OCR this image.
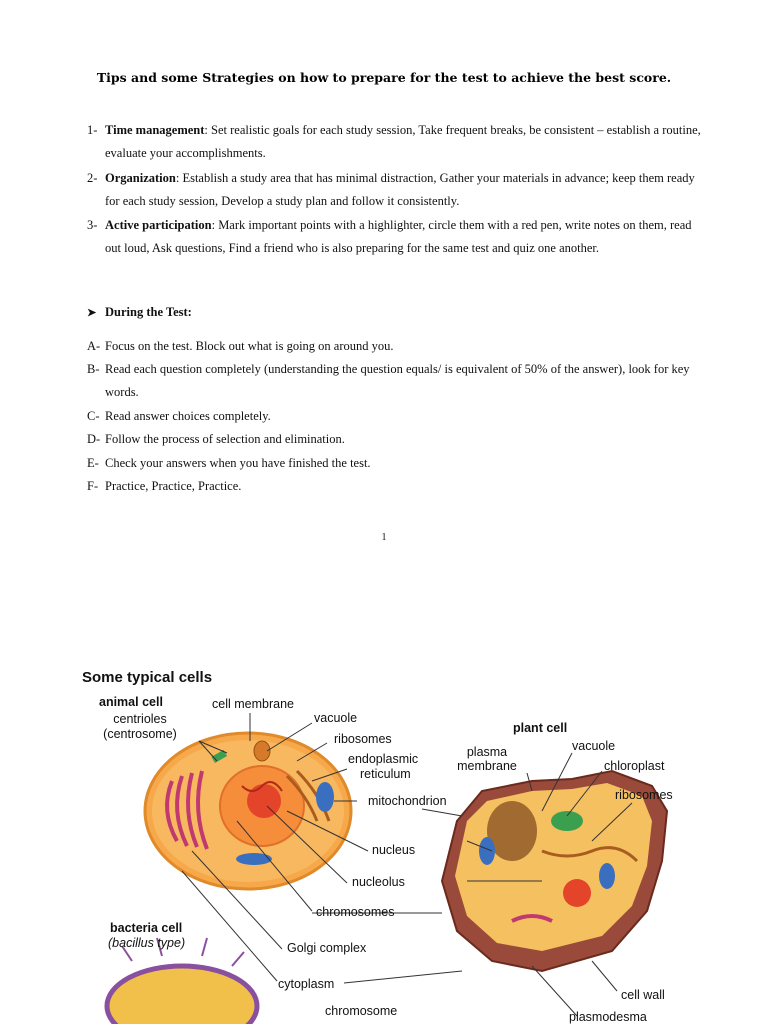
Tips and some Strategies on how to prepare for the test to achieve the best score.
1- Time management: Set realistic goals for each study session, Take frequent breaks, be consistent – establish a routine, evaluate your accomplishments.
2- Organization: Establish a study area that has minimal distraction, Gather your materials in advance; keep them ready for each study session, Develop a study plan and follow it consistently.
3- Active participation: Mark important points with a highlighter, circle them with a red pen, write notes on them, read out loud, Ask questions, Find a friend who is also preparing for the same test and quiz one another.
➤ During the Test:
A- Focus on the test. Block out what is going on around you.
B- Read each question completely (understanding the question equals/ is equivalent of 50% of the answer), look for key words.
C- Read answer choices completely.
D- Follow the process of selection and elimination.
E- Check your answers when you have finished the test.
F- Practice, Practice, Practice.
1
Some typical cells
animal cell
centrioles
(centrosome)
cell membrane
vacuole
ribosomes
endoplasmic
reticulum
mitochondrion
nucleus
nucleolus
chromosomes
Golgi complex
cytoplasm
chromosome
bacteria cell
(bacillus type)
plant cell
plasma
membrane
vacuole
chloroplast
ribosomes
cell wall
plasmodesma
